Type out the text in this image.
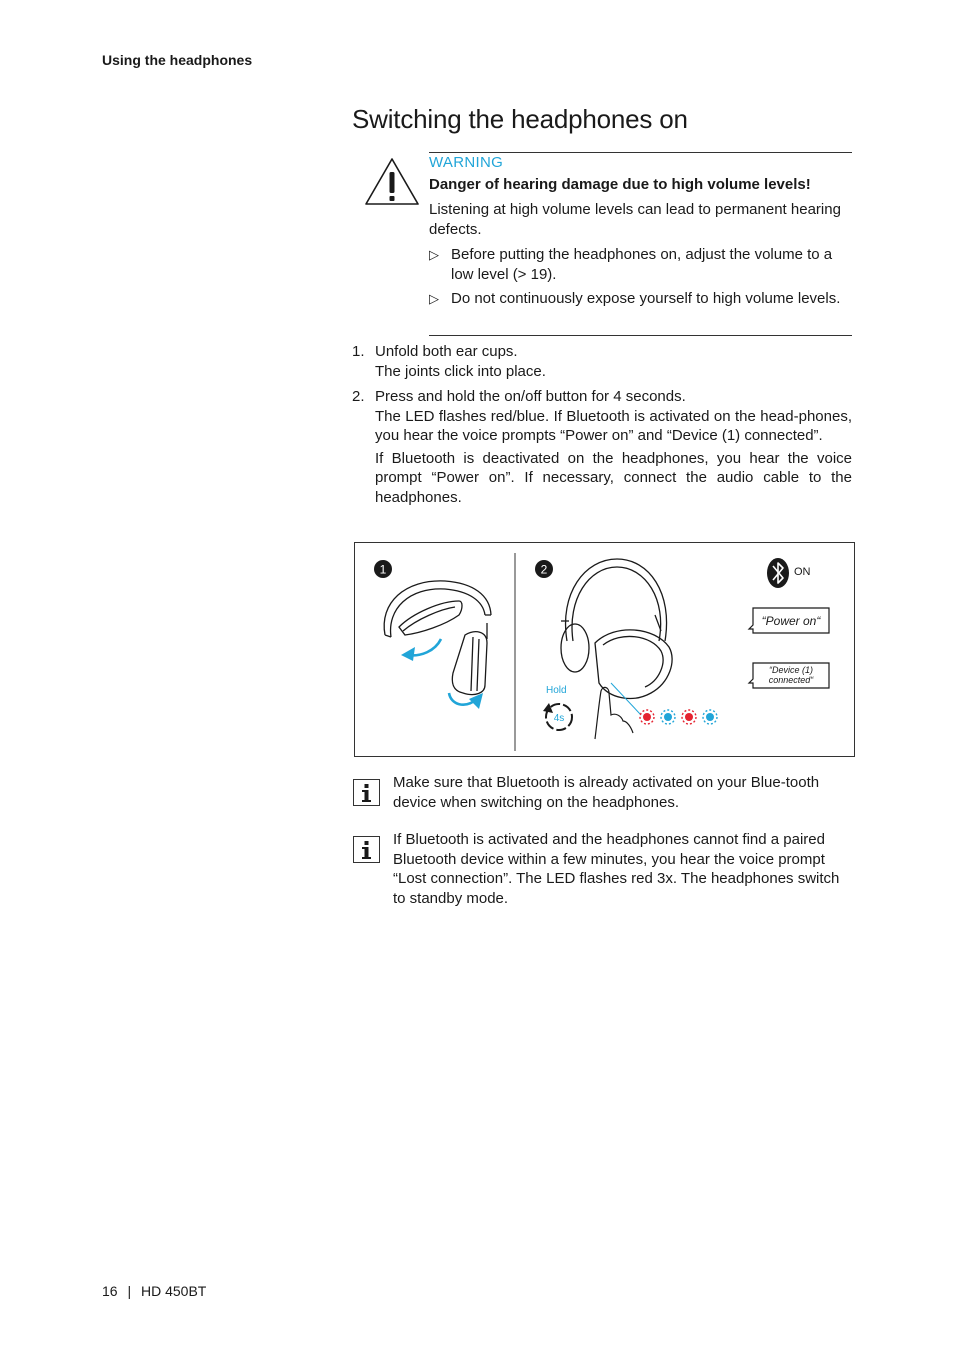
Using the headphones
Switching the headphones on
WARNING
Danger of hearing damage due to high volume levels!
Listening at high volume levels can lead to permanent hearing defects.
▷ Before putting the headphones on, adjust the volume to a low level (> 19).
▷ Do not continuously expose yourself to high volume levels.
1. Unfold both ear cups.

The joints click into place.

2. Press and hold the on/off button for 4 seconds.

The LED flashes red/blue. If Bluetooth is activated on the head-phones, you hear the voice prompts “Power on” and “Device (1) connected”.

If Bluetooth is deactivated on the headphones, you hear the voice prompt “Power on”. If necessary, connect the audio cable to the headphones.

1	2
Hold
4s
ON
“Power on“
“Device (1)
connected“
Make sure that Bluetooth is already activated on your Blue-tooth device when switching on the headphones.
If Bluetooth is activated and the headphones cannot find a paired Bluetooth device within a few minutes, you hear the voice prompt “Lost connection”. The LED flashes red 3x. The headphones switch to standby mode.
16 | HD 450BT
